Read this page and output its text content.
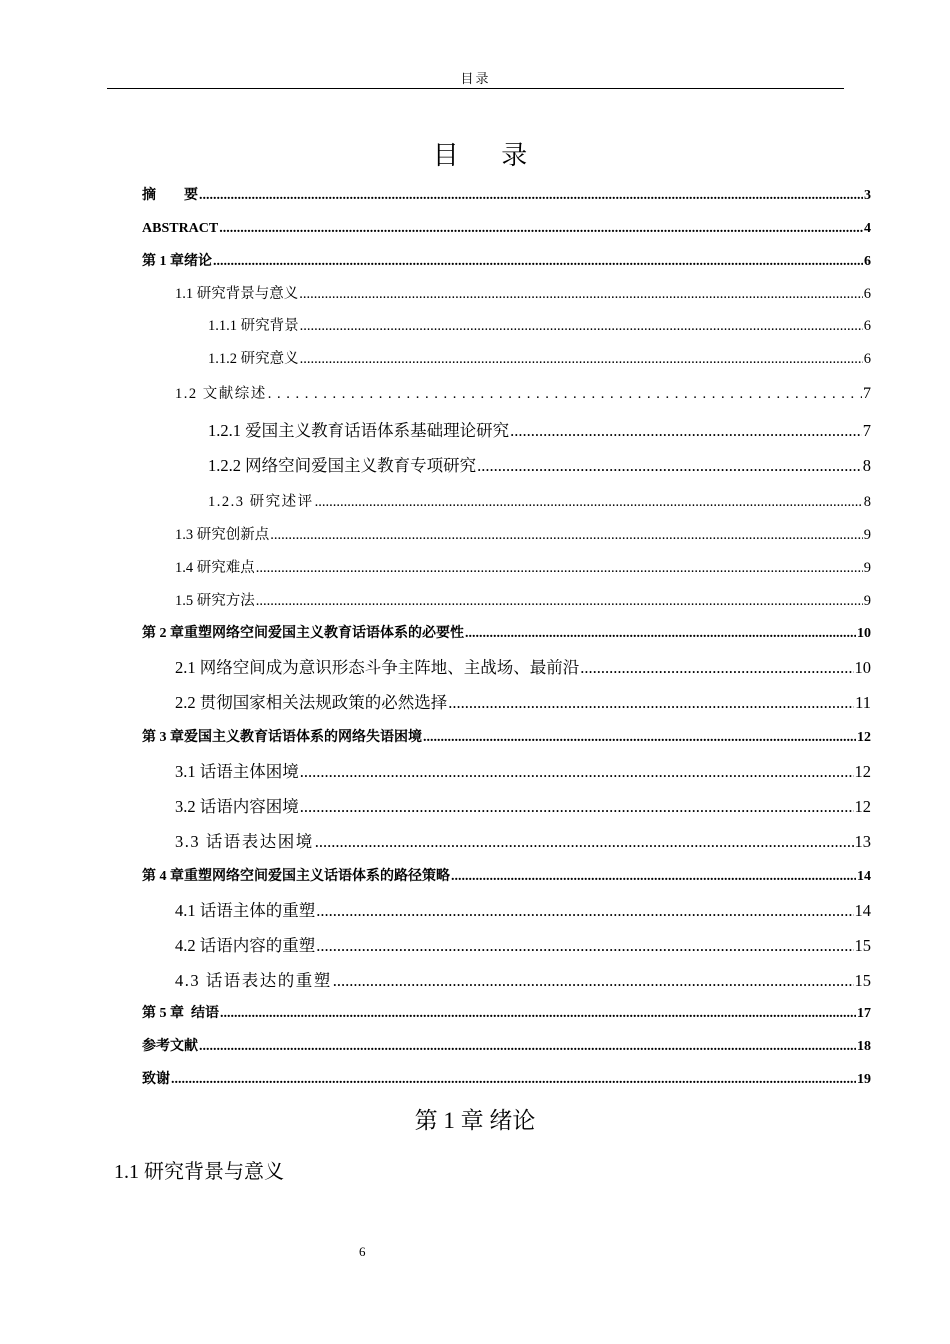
目录
目 录
摘　　要 .....	3
ABSTRACT .....	4
第 1 章绪论 .....	6
1.1 研究背景与意义 .....	6
1.1.1 研究背景 .....	6
1.1.2 研究意义 .....	6
1.2 文献综述 . . .	7
1.2.1 爱国主义教育话语体系基础理论研究 .....	7
1.2.2 网络空间爱国主义教育专项研究 .....	8
1.2.3 研究述评 .....	8
1.3 研究创新点 .....	9
1.4 研究难点 .....	9
1.5 研究方法 .....	9
第 2 章重塑网络空间爱国主义教育话语体系的必要性 .....	10
2.1 网络空间成为意识形态斗争主阵地、主战场、最前沿 .....	10
2.2 贯彻国家相关法规政策的必然选择 .....	11
第 3 章爱国主义教育话语体系的网络失语困境 .....	12
3.1 话语主体困境 .....	12
3.2 话语内容困境 .....	12
3.3 话语表达困境 .....	13
第 4 章重塑网络空间爱国主义话语体系的路径策略 .....	14
4.1 话语主体的重塑 .....	14
4.2 话语内容的重塑 .....	15
4.3 话语表达的重塑 .....	15
第 5 章  结语 .....	17
参考文献 .....	18
致谢 .....	19
第 1 章 绪论
1.1 研究背景与意义
6
